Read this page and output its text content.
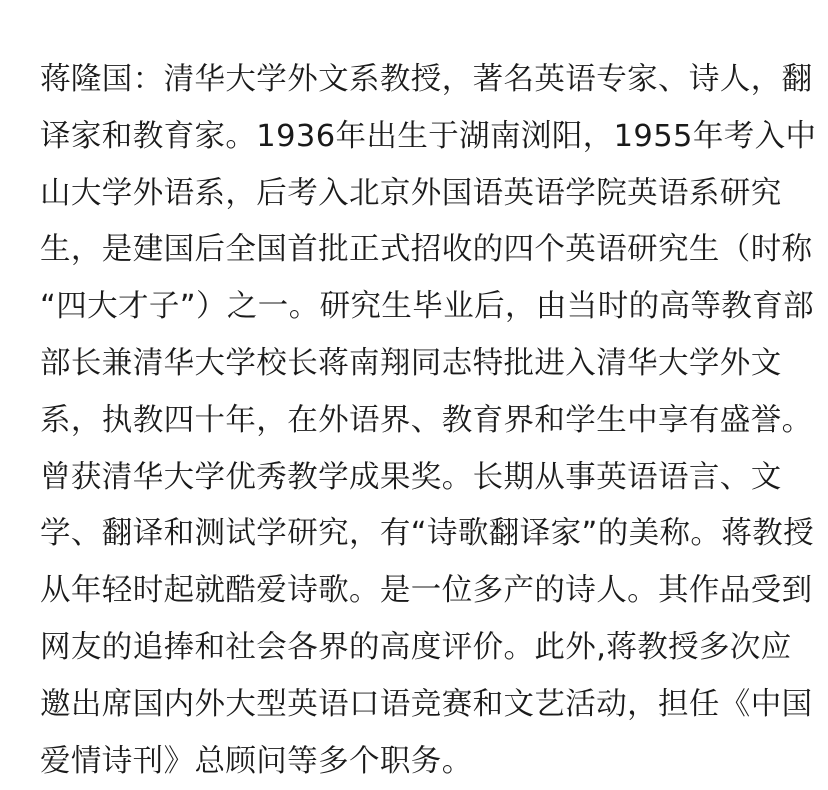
蒋隆国：清华大学外文系教授，著名英语专家、诗人，翻
译家和教育家。1936年出生于湖南浏阳，1955年考入中
山大学外语系，后考入北京外国语英语学院英语系研究
生，是建国后全国首批正式招收的四个英语研究生（时称
“四大才子”）之一。研究生毕业后，由当时的高等教育部
部长兼清华大学校长蒋南翔同志特批进入清华大学外文
系，执教四十年，在外语界、教育界和学生中享有盛誉。
曾获清华大学优秀教学成果奖。长期从事英语语言、文
学、翻译和测试学研究，有“诗歌翻译家”的美称。蒋教授
从年轻时起就酷爱诗歌。是一位多产的诗人。其作品受到
网友的追捧和社会各界的高度评价。此外,蒋教授多次应
邀出席国内外大型英语口语竞赛和文艺活动，担任《中国
爱情诗刊》总顾问等多个职务。
